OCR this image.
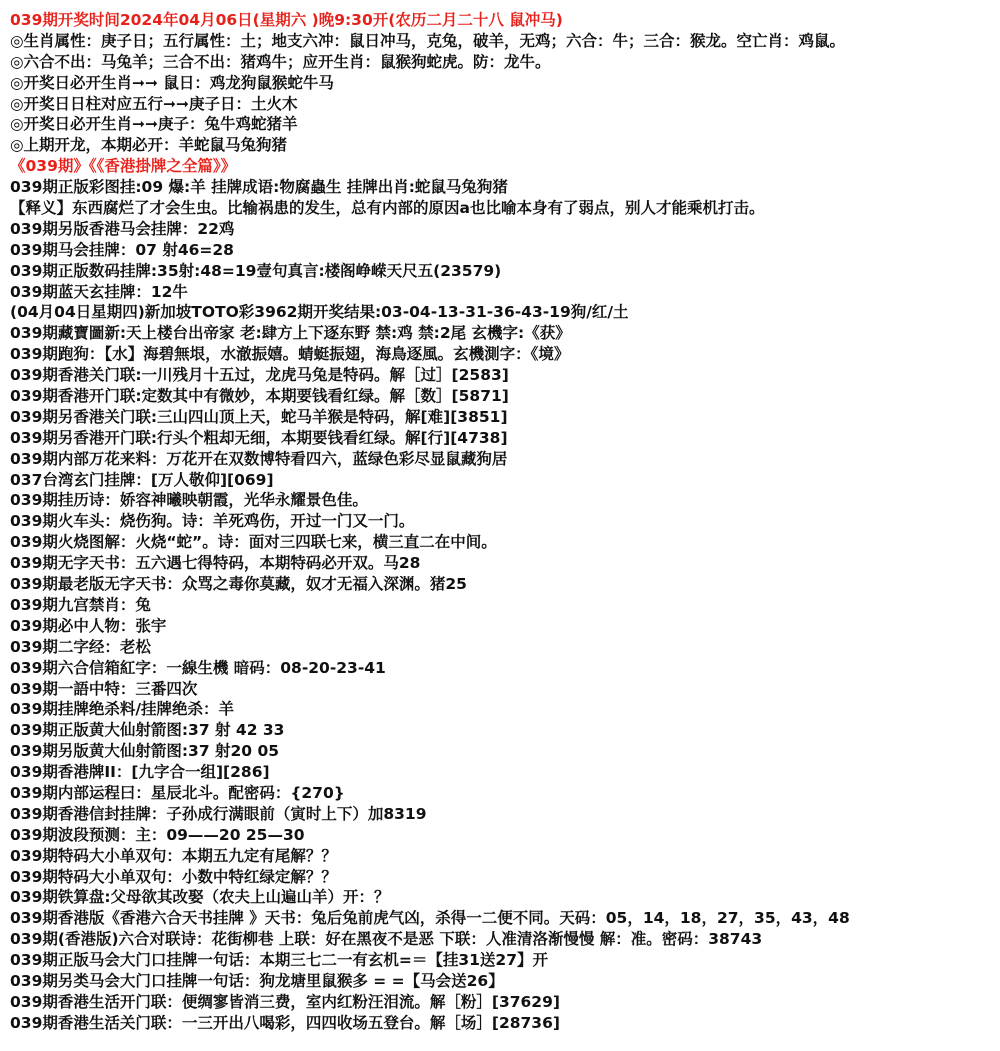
039期开奖时间2024年04月06日(星期六 )晚9:30开(农历二月二十八 鼠冲马)
◎生肖属性：庚子日；五行属性：土；地支六冲：鼠日冲马，克兔，破羊，无鸡；六合：牛；三合：猴龙。空亡肖：鸡鼠。
◎六合不出：马兔羊；三合不出：猪鸡牛；应开生肖：鼠猴狗蛇虎。防：龙牛。
◎开奖日必开生肖➞➞ 鼠日：鸡龙狗鼠猴蛇牛马
◎开奖日日柱对应五行➞➞庚子日：土火木
◎开奖日必开生肖➞➞庚子：兔牛鸡蛇猪羊
◎上期开龙，本期必开：羊蛇鼠马兔狗猪
《039期》《《香港掛牌之全篇》》
039期正版彩图挂:09 爆:羊 挂牌成语:物腐蟲生 挂牌出肖:蛇鼠马兔狗猪
【释义】东西腐烂了才会生虫。比输祸患的发生，总有内部的原因a也比喻本身有了弱点，别人才能乘机打击。
039期另版香港马会挂牌：22鸡
039期马会挂牌：07 射46=28
039期正版数码挂牌:35射:48=19壹句真言:楼阁峥嵘天尺五(23579)
039期蓝天玄挂牌：12牛
(04月04日星期四)新加坡TOTO彩3962期开奖结果:03-04-13-31-36-43-19狗/红/土
039期藏寶圖新:天上楼台出帝家 老:肆方上下逐东野 禁:鸡 禁:2尾 玄機字:《获》
039期跑狗：【水】海碧無垠，水澈振嬉。蜻蜓振翅，海鳥逐風。玄機測字：《境》
039期香港关门联:一川残月十五过，龙虎马兔是特码。解［过］[2583]
039期香港开门联:定数其中有微妙，本期要钱看红绿。解［数］[5871]
039期另香港关门联:三山四山顶上天，蛇马羊猴是特码，解[难][3851]
039期另香港开门联:行头个粗却无细，本期要钱看红绿。解[行][4738]
039期内部万花来料：万花开在双数博特看四六，蓝绿色彩尽显鼠藏狗居
037台湾玄门挂牌：[万人敬仰][069]
039期挂历诗：娇容神曦映朝霞，光华永耀景色佳。
039期火车头：烧伤狗。诗：羊死鸡伤，开过一门又一门。
039期火烧图解：火烧“蛇”。诗：面对三四联七来，横三直二在中间。
039期无字天书：五六遇七得特码，本期特码必开双。马28
039期最老版无字天书：众骂之毒你莫藏，奴才无福入深渊。猪25
039期九宫禁肖：兔
039期必中人物：张宇
039期二字经：老松
039期六合信箱紅字：一線生機 暗码：08-20-23-41
039期一語中特：三番四次
039期挂牌绝杀料/挂牌绝杀：羊
039期正版黄大仙射箭图:37 射 42 33
039期另版黄大仙射箭图:37 射20 05
039期香港牌II：[九字合一组][286]
039期内部运程曰：星辰北斗。配密码：{270}
039期香港信封挂牌：子孙成行满眼前（寅时上下）加8319
039期波段预测：主：09——20 25—30
039期特码大小单双句：本期五九定有尾解？？
039期特码大小单双句：小数中特红绿定解？？
039期铁算盘:父母欲其改娶（农夫上山遍山羊）开：？
039期香港版《香港六合天书挂牌 》天书：兔后兔前虎气凶，杀得一二便不同。天码：05，14，18，27，35，43，48
039期(香港版)六合对联诗：花街柳巷 上联：好在黑夜不是恶 下联：人准清洛渐慢慢 解：准。密码：38743
039期正版马会大门口挂牌一句话：本期三七二一有玄机=＝【挂31送27】开
039期另类马会大门口挂牌一句话：狗龙塘里鼠猴多 = =【马会送26】
039期香港生活开门联：便绸寥皆消三费，室内红粉汪泪流。解［粉］[37629]
039期香港生活关门联：一三开出八喝彩，四四收场五登台。解［场］[28736]
